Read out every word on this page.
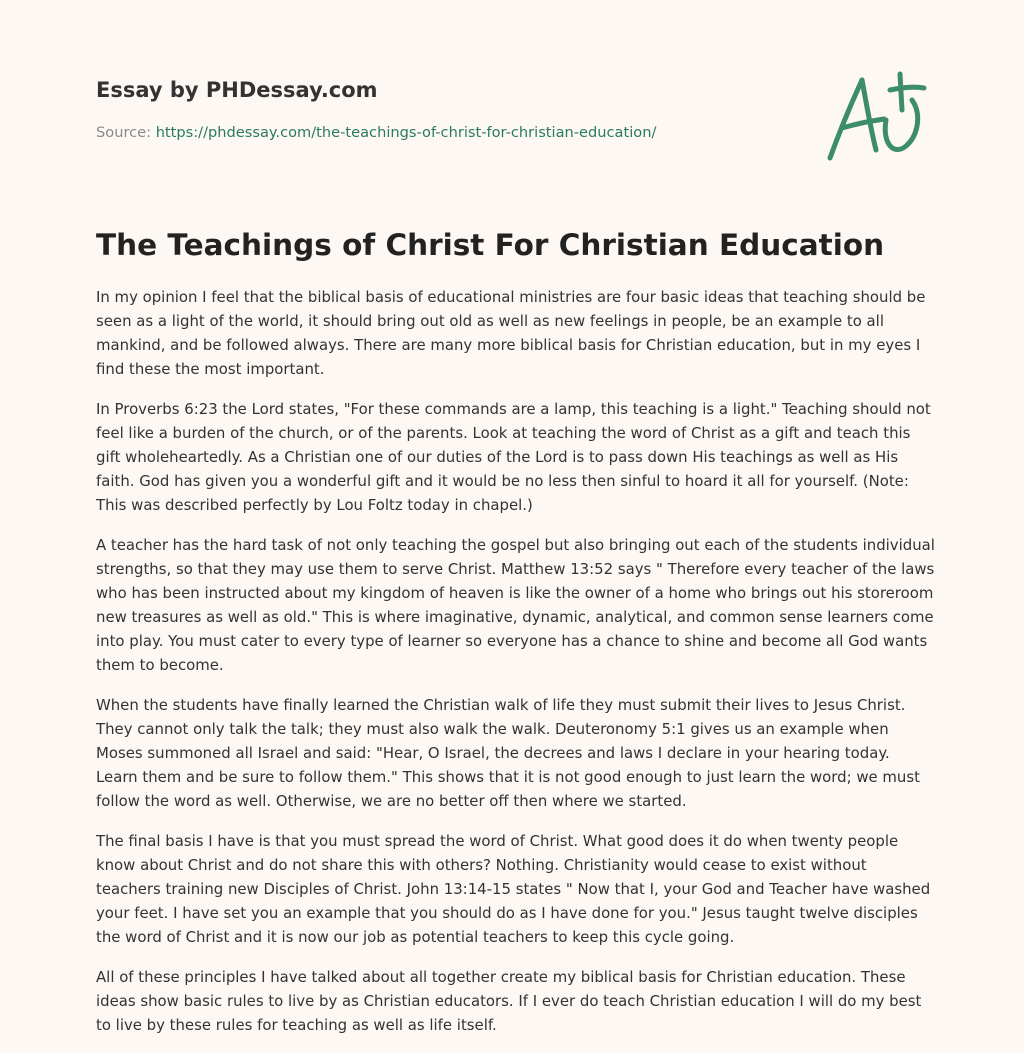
Essay by PHDessay.com
Source: https://phdessay.com/the-teachings-of-christ-for-christian-education/
The Teachings of Christ For Christian Education

In my opinion I feel that the biblical basis of educational ministries are four basic ideas that teaching should be seen as a light of the world, it should bring out old as well as new feelings in people, be an example to all mankind, and be followed always. There are many more biblical basis for Christian education, but in my eyes I find these the most important.

In Proverbs 6:23 the Lord states, "For these commands are a lamp, this teaching is a light." Teaching should not feel like a burden of the church, or of the parents. Look at teaching the word of Christ as a gift and teach this gift wholeheartedly. As a Christian one of our duties of the Lord is to pass down His teachings as well as His faith. God has given you a wonderful gift and it would be no less then sinful to hoard it all for yourself. (Note: This was described perfectly by Lou Foltz today in chapel.)

A teacher has the hard task of not only teaching the gospel but also bringing out each of the students individual strengths, so that they may use them to serve Christ. Matthew 13:52 says " Therefore every teacher of the laws who has been instructed about my kingdom of heaven is like the owner of a home who brings out his storeroom new treasures as well as old." This is where imaginative, dynamic, analytical, and common sense learners come into play. You must cater to every type of learner so everyone has a chance to shine and become all God wants them to become.

When the students have finally learned the Christian walk of life they must submit their lives to Jesus Christ. They cannot only talk the talk; they must also walk the walk. Deuteronomy 5:1 gives us an example when Moses summoned all Israel and said: "Hear, O Israel, the decrees and laws I declare in your hearing today. Learn them and be sure to follow them." This shows that it is not good enough to just learn the word; we must follow the word as well. Otherwise, we are no better off then where we started.

The final basis I have is that you must spread the word of Christ. What good does it do when twenty people know about Christ and do not share this with others? Nothing. Christianity would cease to exist without teachers training new Disciples of Christ. John 13:14-15 states " Now that I, your God and Teacher have washed your feet. I have set you an example that you should do as I have done for you." Jesus taught twelve disciples the word of Christ and it is now our job as potential teachers to keep this cycle going.

All of these principles I have talked about all together create my biblical basis for Christian education. These ideas show basic rules to live by as Christian educators. If I ever do teach Christian education I will do my best to live by these rules for teaching as well as life itself.
